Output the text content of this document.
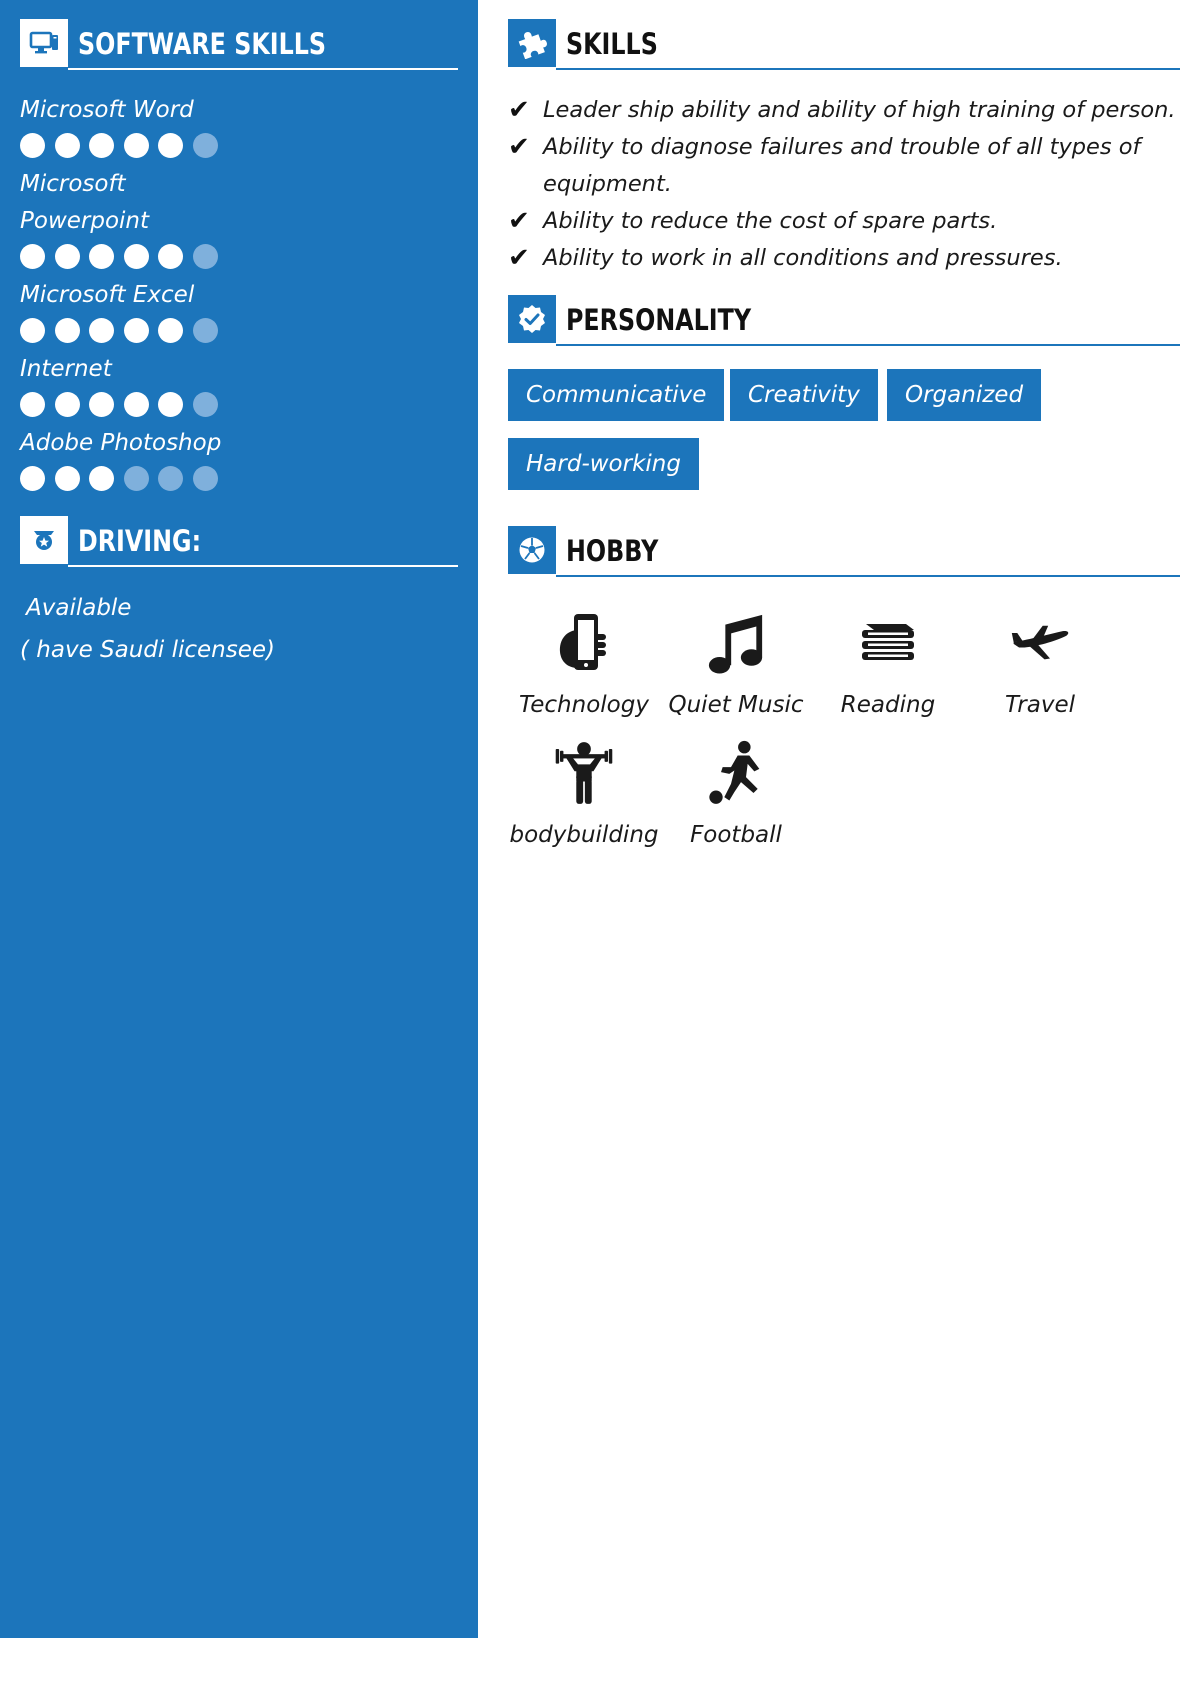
SOFTWARE SKILLS
Microsoft Word
Microsoft
Powerpoint
Microsoft Excel
Internet
Adobe Photoshop
DRIVING:
Available
( have Saudi licensee)
SKILLS
✔ Leader ship ability and ability of high training of person.
✔ Ability to diagnose failures and trouble of all types of
equipment.
✔ Ability to reduce the cost of spare parts.
✔ Ability to work in all conditions and pressures.
PERSONALITY
Communicative	Creativity	Organized
Hard-working
HOBBY
Technology Quiet Music	Reading	Travel
bodybuilding	Football
